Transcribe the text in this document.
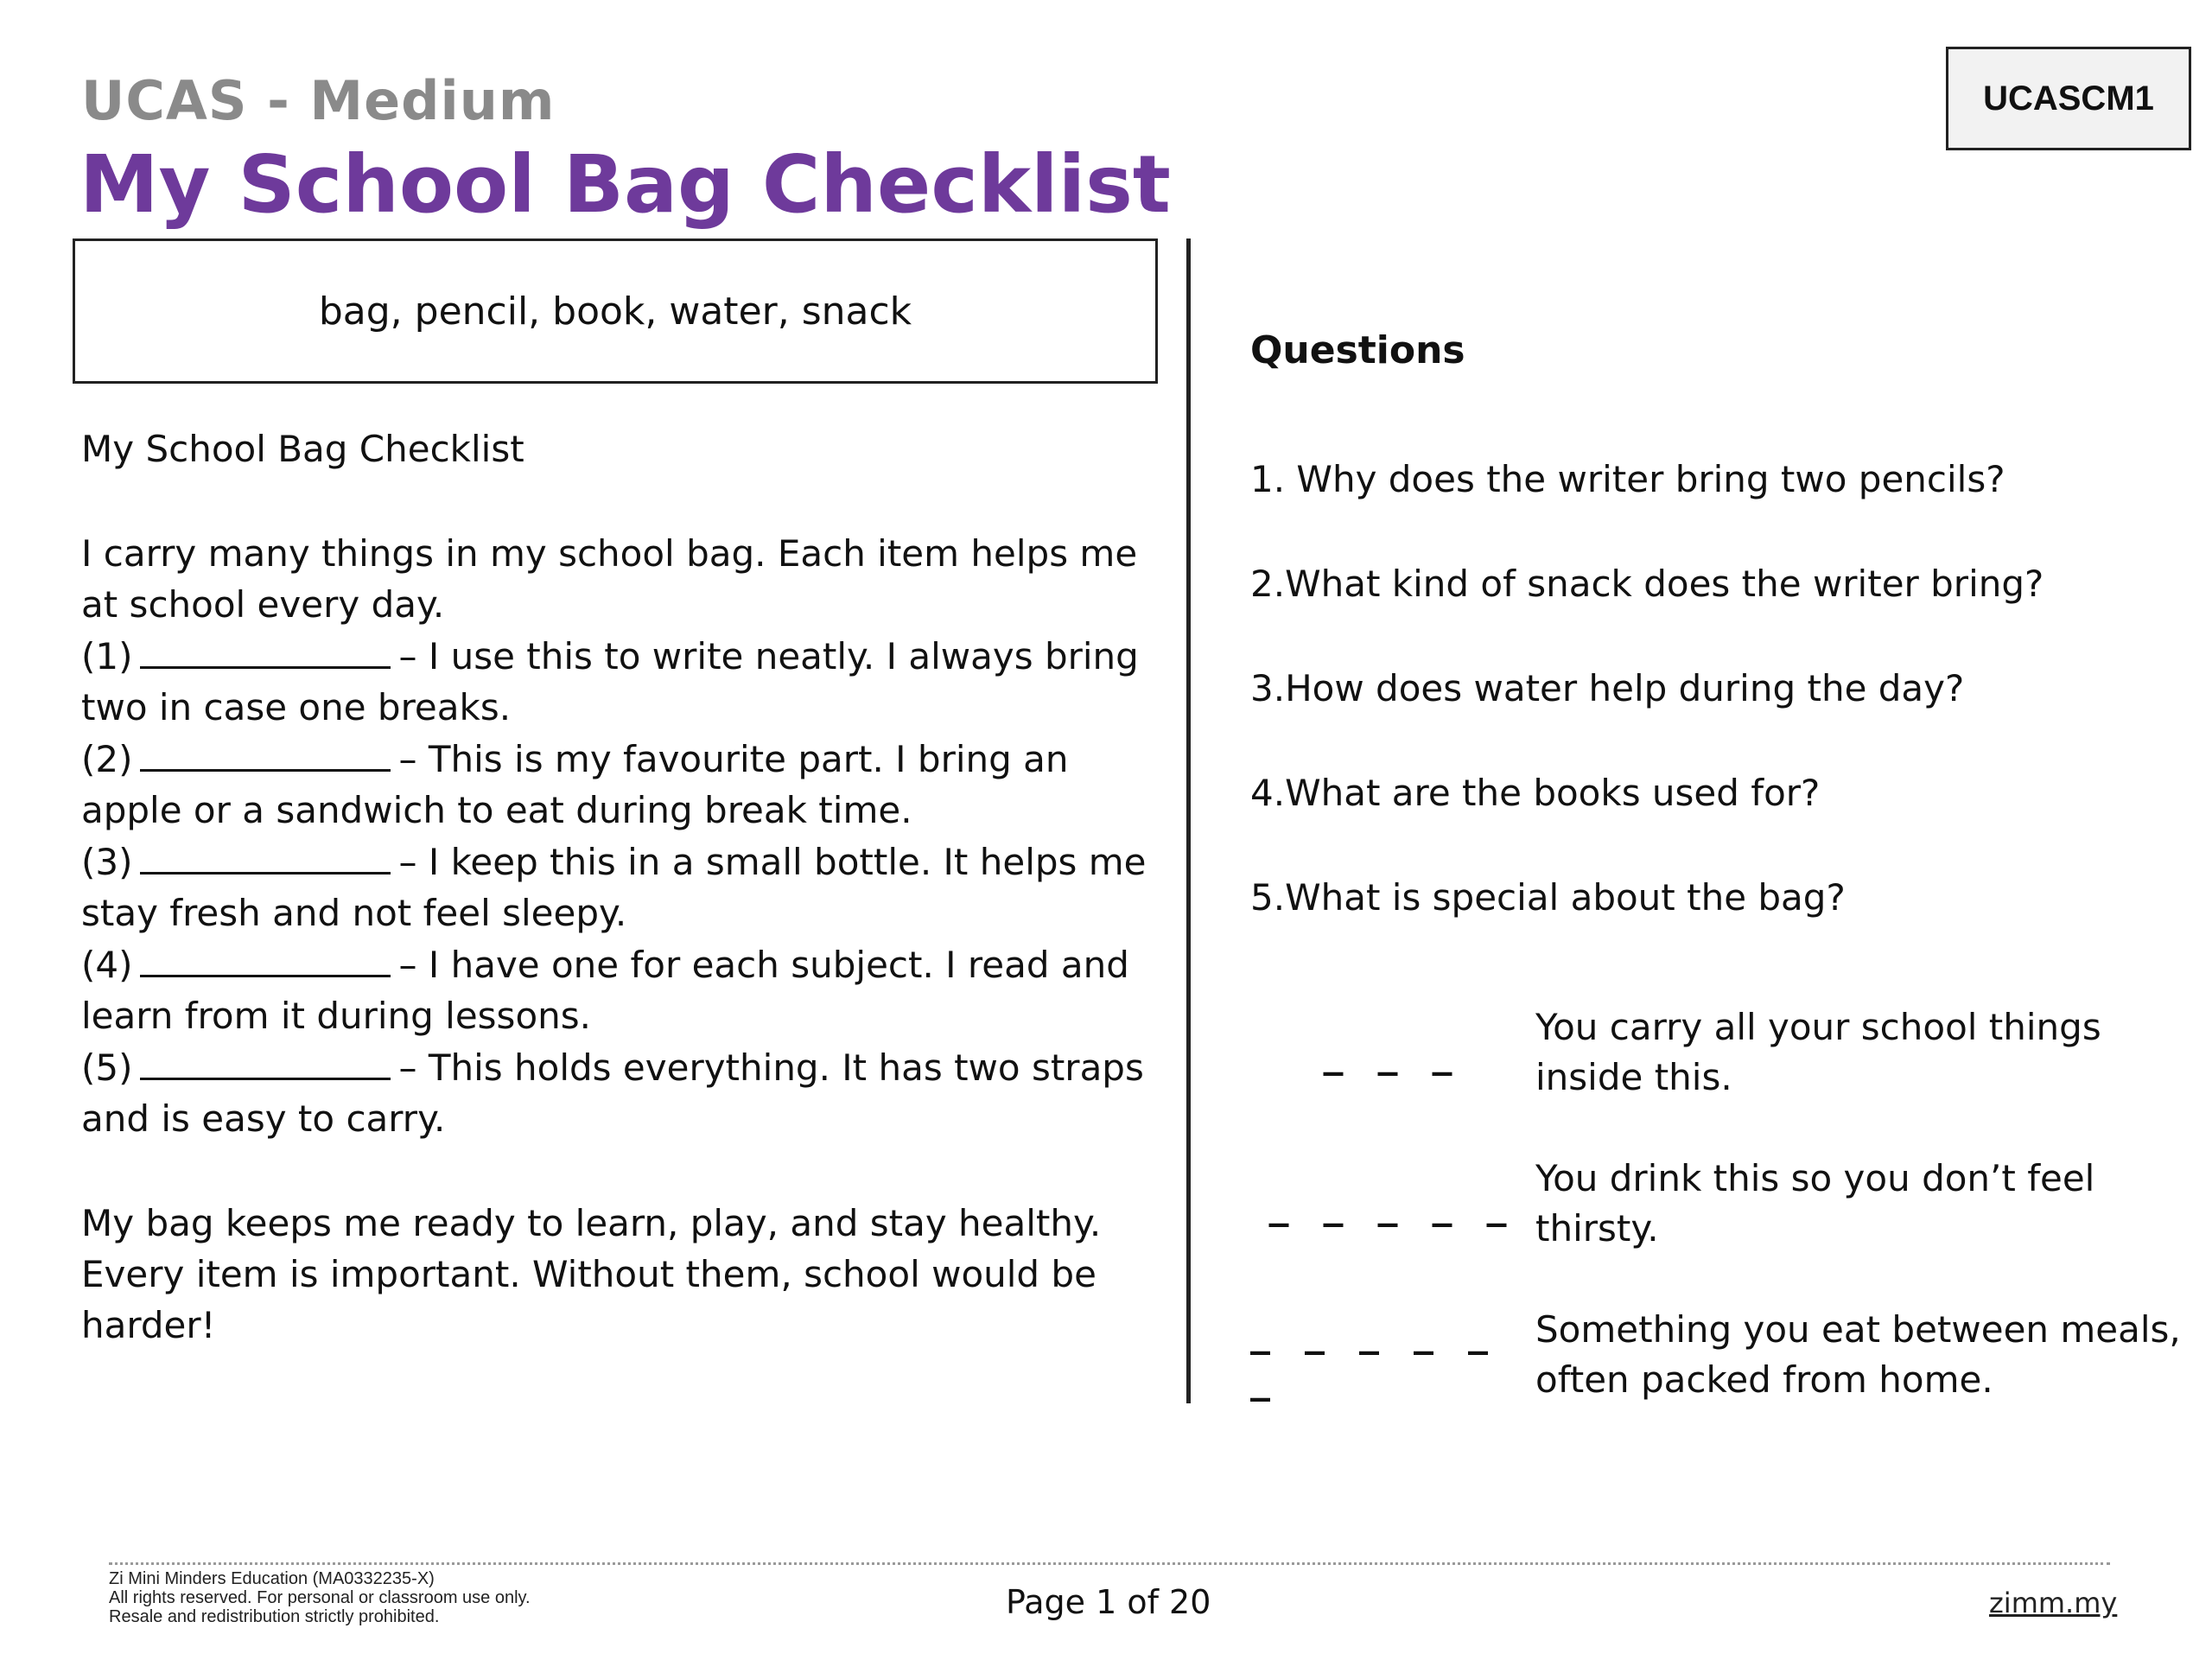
UCAS - Medium
My School Bag Checklist
UCASCM1
bag, pencil, book, water, snack

My School Bag Checklist

I carry many things in my school bag. Each item helps me at school every day.

(1)	– I use this to write neatly. I always bring two in case one breaks.

(2)	– This is my favourite part. I bring an apple or a sandwich to eat during break time.

(3)	– I keep this in a small bottle. It helps me stay fresh and not feel sleepy.

(4)	– I have one for each subject. I read and learn from it during lessons.

(5)	– This holds everything. It has two straps and is easy to carry.

My bag keeps me ready to learn, play, and stay healthy. Every item is important. Without them, school would be harder!

Questions
1. Why does the writer bring two pencils?
2.What kind of snack does the writer bring?
3.How does water help during the day?
4.What are the books used for?
5.What is special about the bag?
_ _ _
You carry all your school things inside this.
_ _ _ _ _
You drink this so you don’t feel thirsty.
_ _ _ _ _ _
Something you eat between meals, often packed from home.
Zi Mini Minders Education (MA0332235-X)
All rights reserved. For personal or classroom use only.
Resale and redistribution strictly prohibited.	Page 1 of 20	zimm.my
